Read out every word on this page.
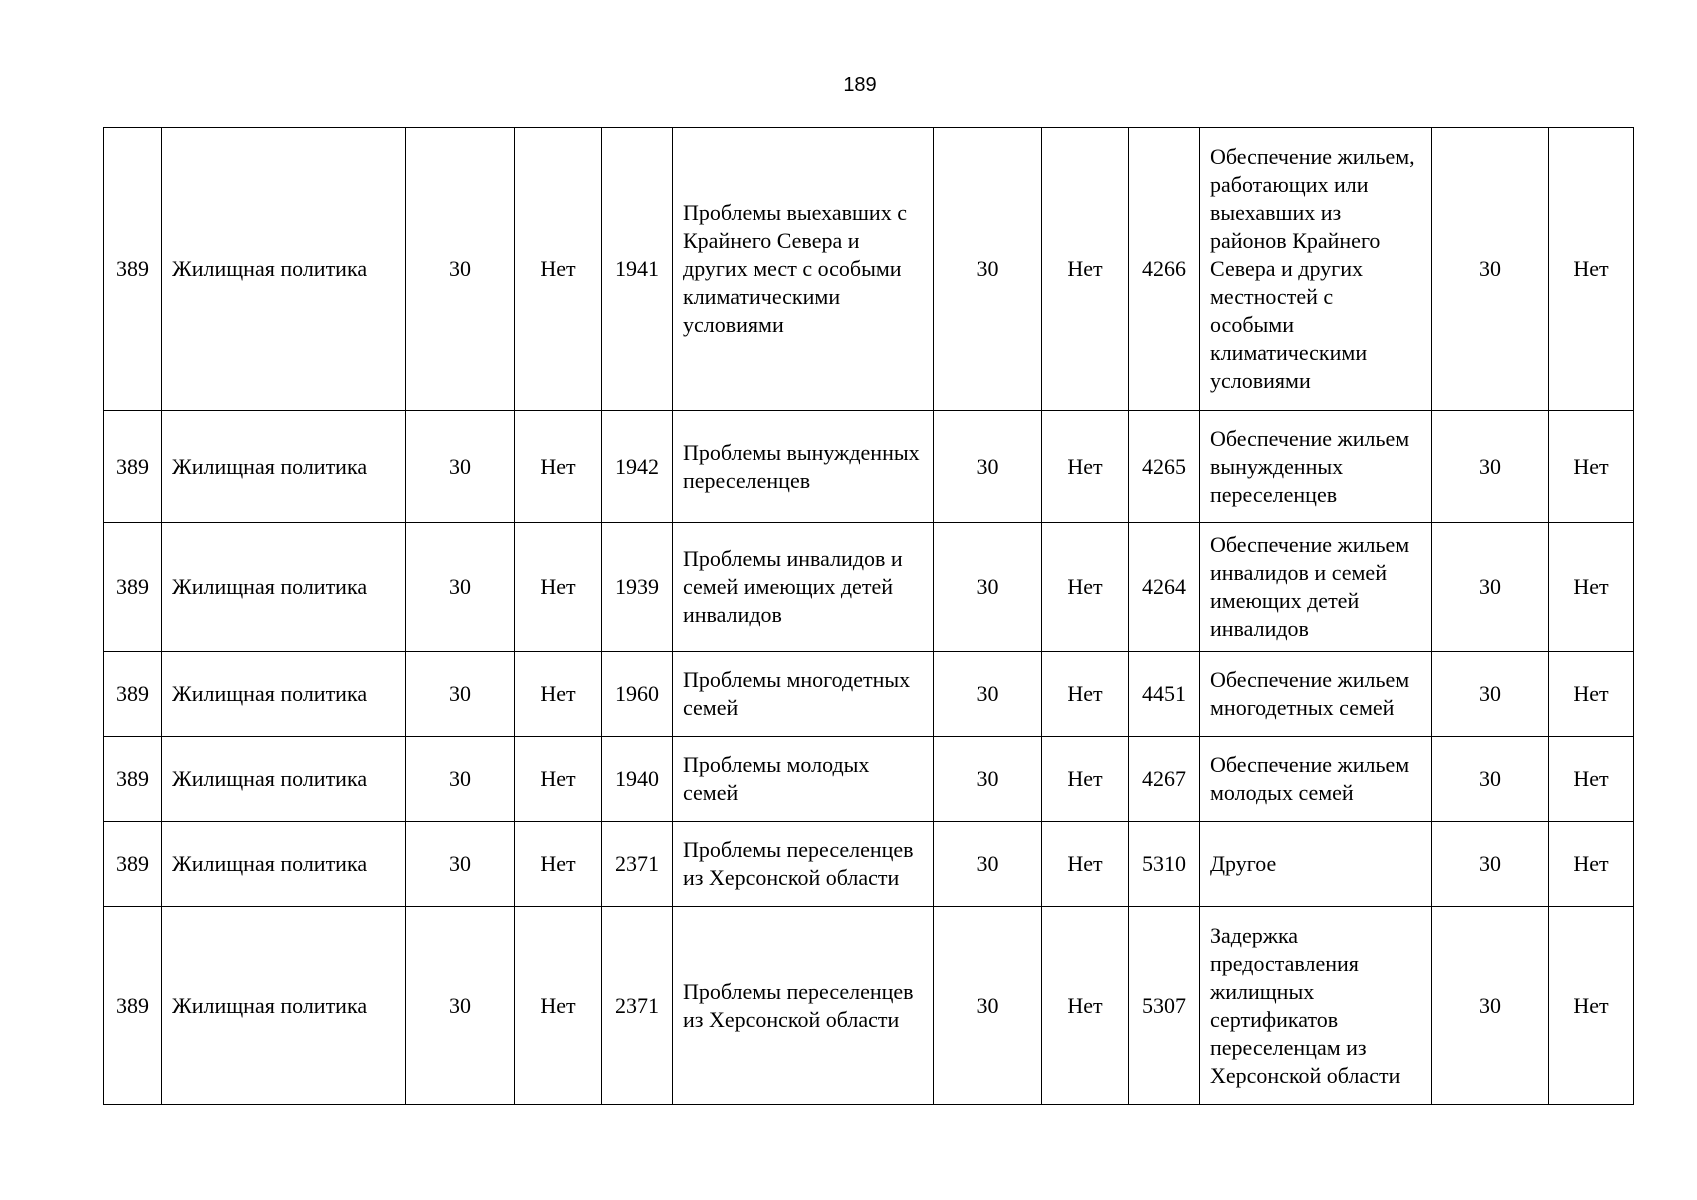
189
389	Жилищная политика	30	Нет	1941	Проблемы выехавших с Крайнего Севера и других мест с особыми климатическими условиями	30	Нет	4266	Обеспечение жильем, работающих или выехавших из районов Крайнего Севера и других местностей с особыми климатическими условиями	30	Нет
389	Жилищная политика	30	Нет	1942	Проблемы вынужденных переселенцев	30	Нет	4265	Обеспечение жильем вынужденных переселенцев	30	Нет
389	Жилищная политика	30	Нет	1939	Проблемы инвалидов и семей имеющих детей инвалидов	30	Нет	4264	Обеспечение жильем инвалидов и семей имеющих детей инвалидов	30	Нет
389	Жилищная политика	30	Нет	1960	Проблемы многодетных семей	30	Нет	4451	Обеспечение жильем многодетных семей	30	Нет
389	Жилищная политика	30	Нет	1940	Проблемы молодых семей	30	Нет	4267	Обеспечение жильем молодых семей	30	Нет
389	Жилищная политика	30	Нет	2371	Проблемы переселенцев из Херсонской области	30	Нет	5310	Другое	30	Нет
389	Жилищная политика	30	Нет	2371	Проблемы переселенцев из Херсонской области	30	Нет	5307	Задержка предоставления жилищных сертификатов переселенцам из Херсонской области	30	Нет
